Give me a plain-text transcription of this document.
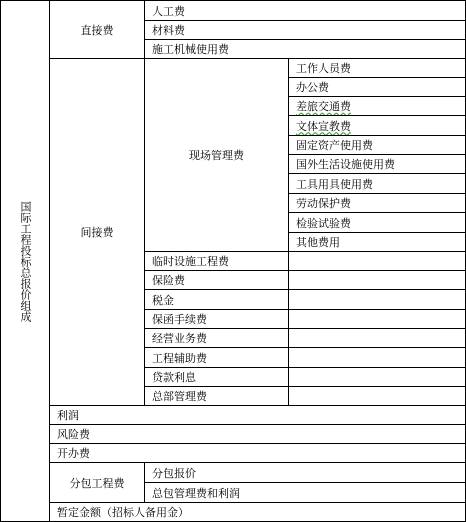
国际工程投标总报价组成
直接费
人工费
材料费
施工机械使用费
间接费
现场管理费
工作人员费
办公费
差旅交通费
文体宣教费
固定资产使用费
国外生活设施使用费
工具用具使用费
劳动保护费
检验试验费
其他费用
临时设施工程费
保险费
税金
保函手续费
经营业务费
工程辅助费
贷款利息
总部管理费
利润
风险费
开办费
分包工程费
分包报价
总包管理费和利润
暂定金额（招标人备用金）
